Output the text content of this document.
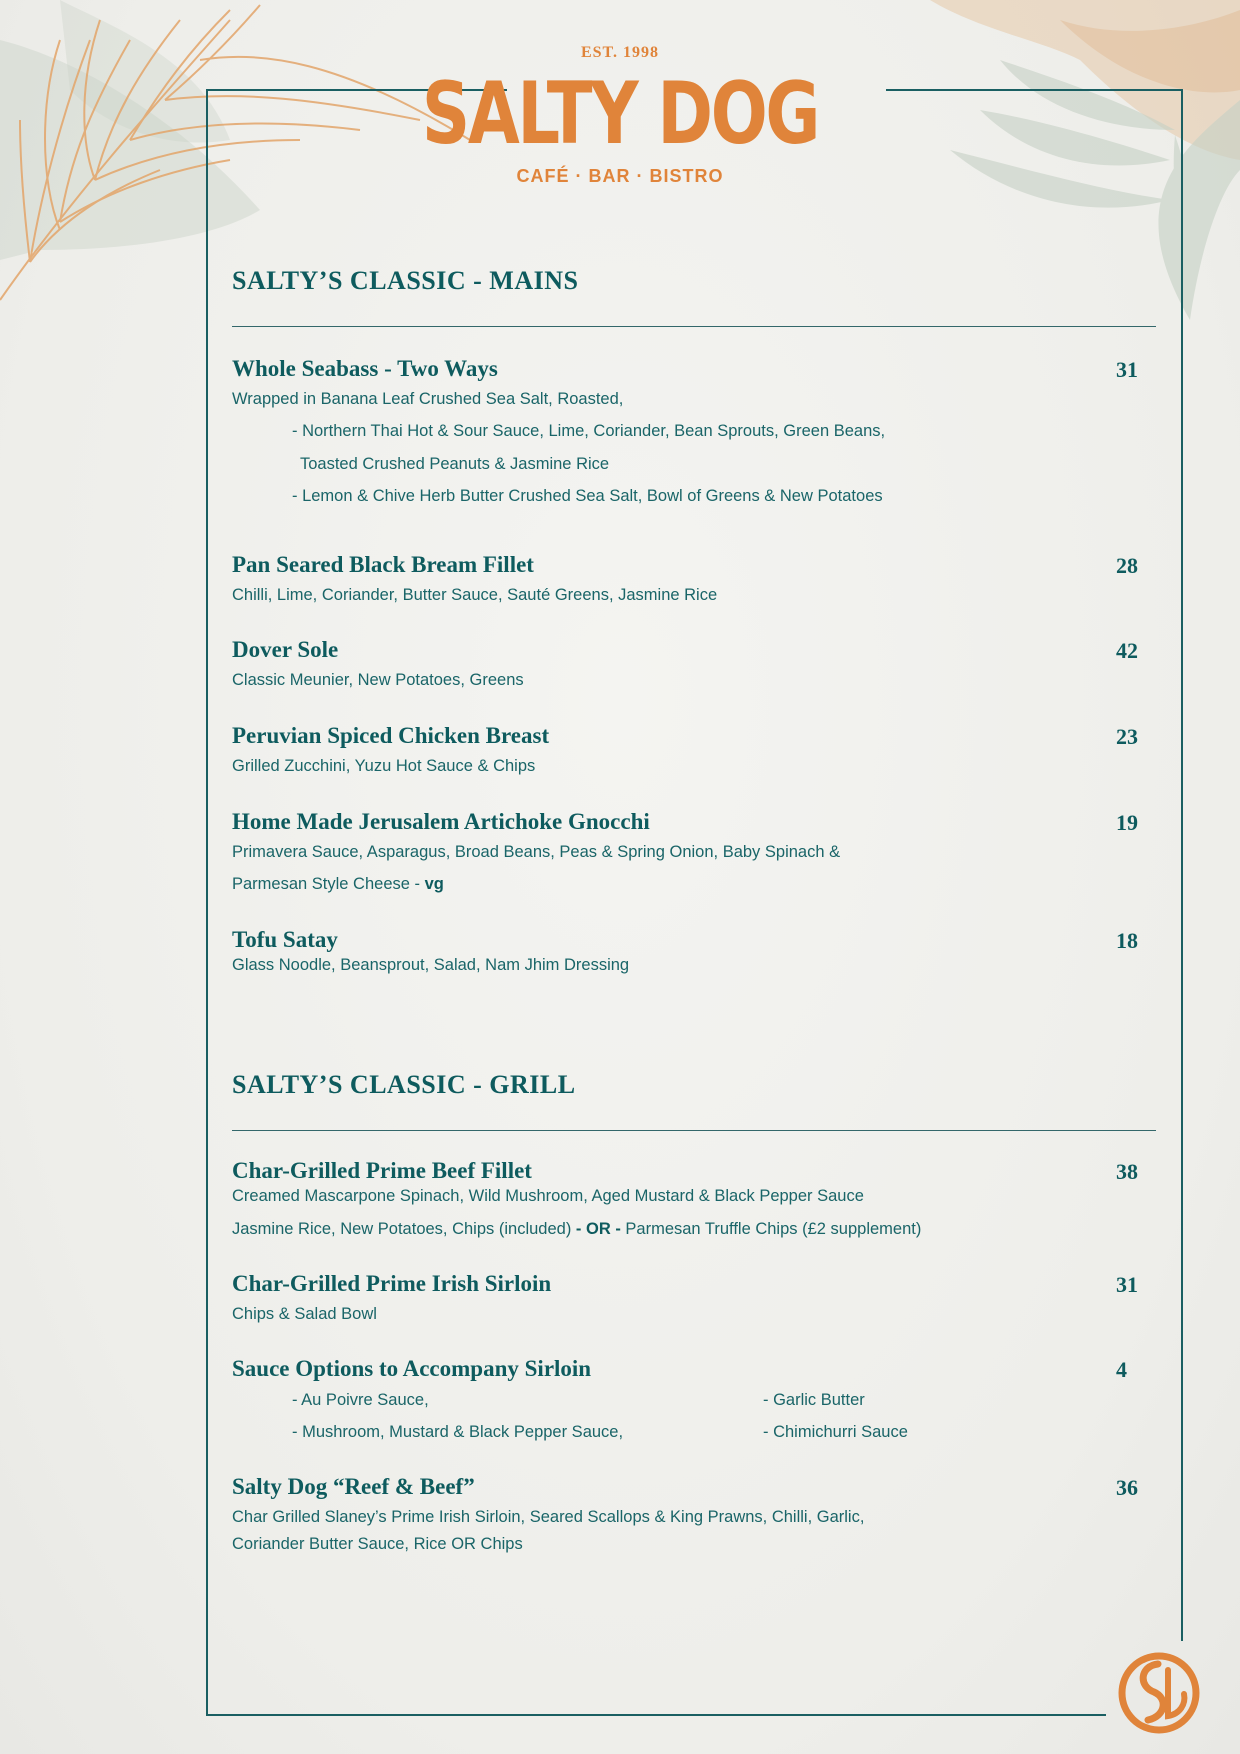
EST. 1998
SALTY DOG
CAFÉ · BAR · BISTRO
SALTY’S CLASSIC - MAINS
Whole Seabass - Two Ways	31
Wrapped in Banana Leaf Crushed Sea Salt, Roasted,
- Northern Thai Hot & Sour Sauce, Lime, Coriander, Bean Sprouts, Green Beans,
Toasted Crushed Peanuts & Jasmine Rice
- Lemon & Chive Herb Butter Crushed Sea Salt, Bowl of Greens & New Potatoes
Pan Seared Black Bream Fillet	28
Chilli, Lime, Coriander, Butter Sauce, Sauté Greens, Jasmine Rice
Dover Sole	42
Classic Meunier, New Potatoes, Greens
Peruvian Spiced Chicken Breast	23
Grilled Zucchini, Yuzu Hot Sauce & Chips
Home Made Jerusalem Artichoke Gnocchi	19
Primavera Sauce, Asparagus, Broad Beans, Peas & Spring Onion, Baby Spinach &
Parmesan Style Cheese - vg
Tofu Satay	18
Glass Noodle, Beansprout, Salad, Nam Jhim Dressing
SALTY’S CLASSIC - GRILL
Char-Grilled Prime Beef Fillet	38
Creamed Mascarpone Spinach, Wild Mushroom, Aged Mustard & Black Pepper Sauce
Jasmine Rice, New Potatoes, Chips (included) - OR - Parmesan Truffle Chips (£2 supplement)
Char-Grilled Prime Irish Sirloin	31
Chips & Salad Bowl
Sauce Options to Accompany Sirloin	4
- Au Poivre Sauce,	- Garlic Butter
- Mushroom, Mustard & Black Pepper Sauce,	- Chimichurri Sauce
Salty Dog “Reef & Beef”	36
Char Grilled Slaney’s Prime Irish Sirloin, Seared Scallops & King Prawns, Chilli, Garlic,
Coriander Butter Sauce, Rice OR Chips
